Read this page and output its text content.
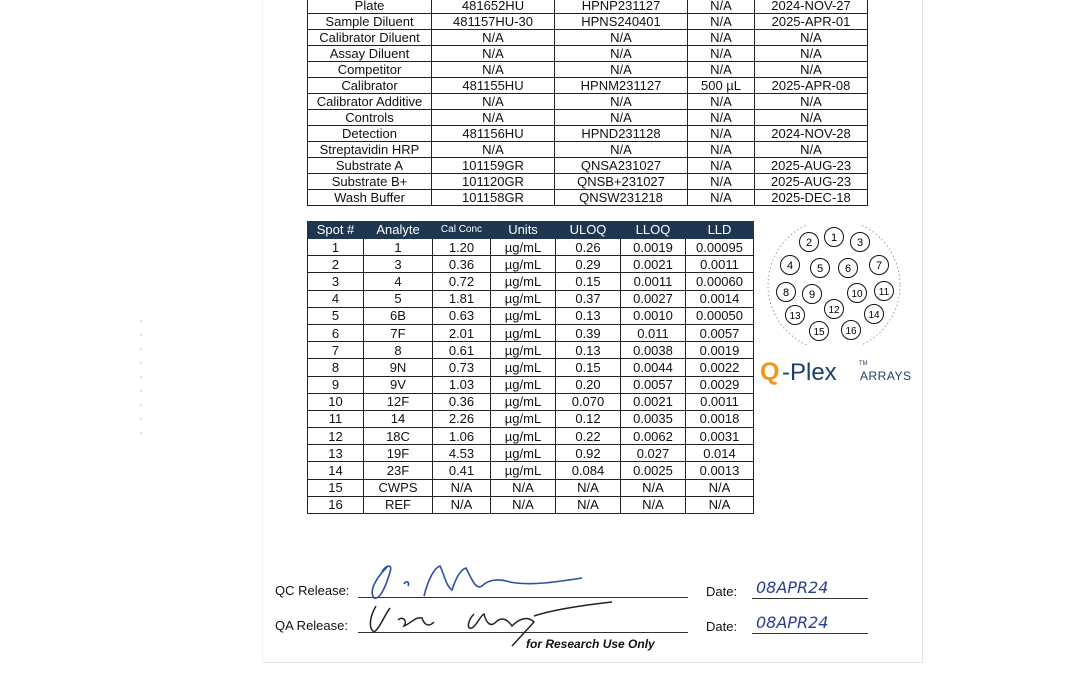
Plate	481652HU	HPNP231127	N/A	2024-NOV-27
Sample Diluent	481157HU-30	HPNS240401	N/A	2025-APR-01
Calibrator Diluent	N/A	N/A	N/A	N/A
Assay Diluent	N/A	N/A	N/A	N/A
Competitor	N/A	N/A	N/A	N/A
Calibrator	481155HU	HPNM231127	500 µL	2025-APR-08
Calibrator Additive	N/A	N/A	N/A	N/A
Controls	N/A	N/A	N/A	N/A
Detection	481156HU	HPND231128	N/A	2024-NOV-28
Streptavidin HRP	N/A	N/A	N/A	N/A
Substrate A	101159GR	QNSA231027	N/A	2025-AUG-23
Substrate B+	101120GR	QNSB+231027	N/A	2025-AUG-23
Wash Buffer	101158GR	QNSW231218	N/A	2025-DEC-18
Spot #	Analyte	Cal Conc	Units	ULOQ	LLOQ	LLD
1	1	1.20	µg/mL	0.26	0.0019	0.00095
2	3	0.36	µg/mL	0.29	0.0021	0.0011
3	4	0.72	µg/mL	0.15	0.0011	0.00060
4	5	1.81	µg/mL	0.37	0.0027	0.0014
5	6B	0.63	µg/mL	0.13	0.0010	0.00050
6	7F	2.01	µg/mL	0.39	0.011	0.0057
7	8	0.61	µg/mL	0.13	0.0038	0.0019
8	9N	0.73	µg/mL	0.15	0.0044	0.0022
9	9V	1.03	µg/mL	0.20	0.0057	0.0029
10	12F	0.36	µg/mL	0.070	0.0021	0.0011
11	14	2.26	µg/mL	0.12	0.0035	0.0018
12	18C	1.06	µg/mL	0.22	0.0062	0.0031
13	19F	4.53	µg/mL	0.92	0.027	0.014
14	23F	0.41	µg/mL	0.084	0.0025	0.0013
15	CWPS	N/A	N/A	N/A	N/A	N/A
16	REF	N/A	N/A	N/A	N/A	N/A
1
2	3
4 5 6 7
8 9	10 11
12
13	14
15 16
Q -Plex	TM
ARRAYS
QC Release:
QA Release:
Date: 08APR24
Date: 08APR24
for Research Use Only
